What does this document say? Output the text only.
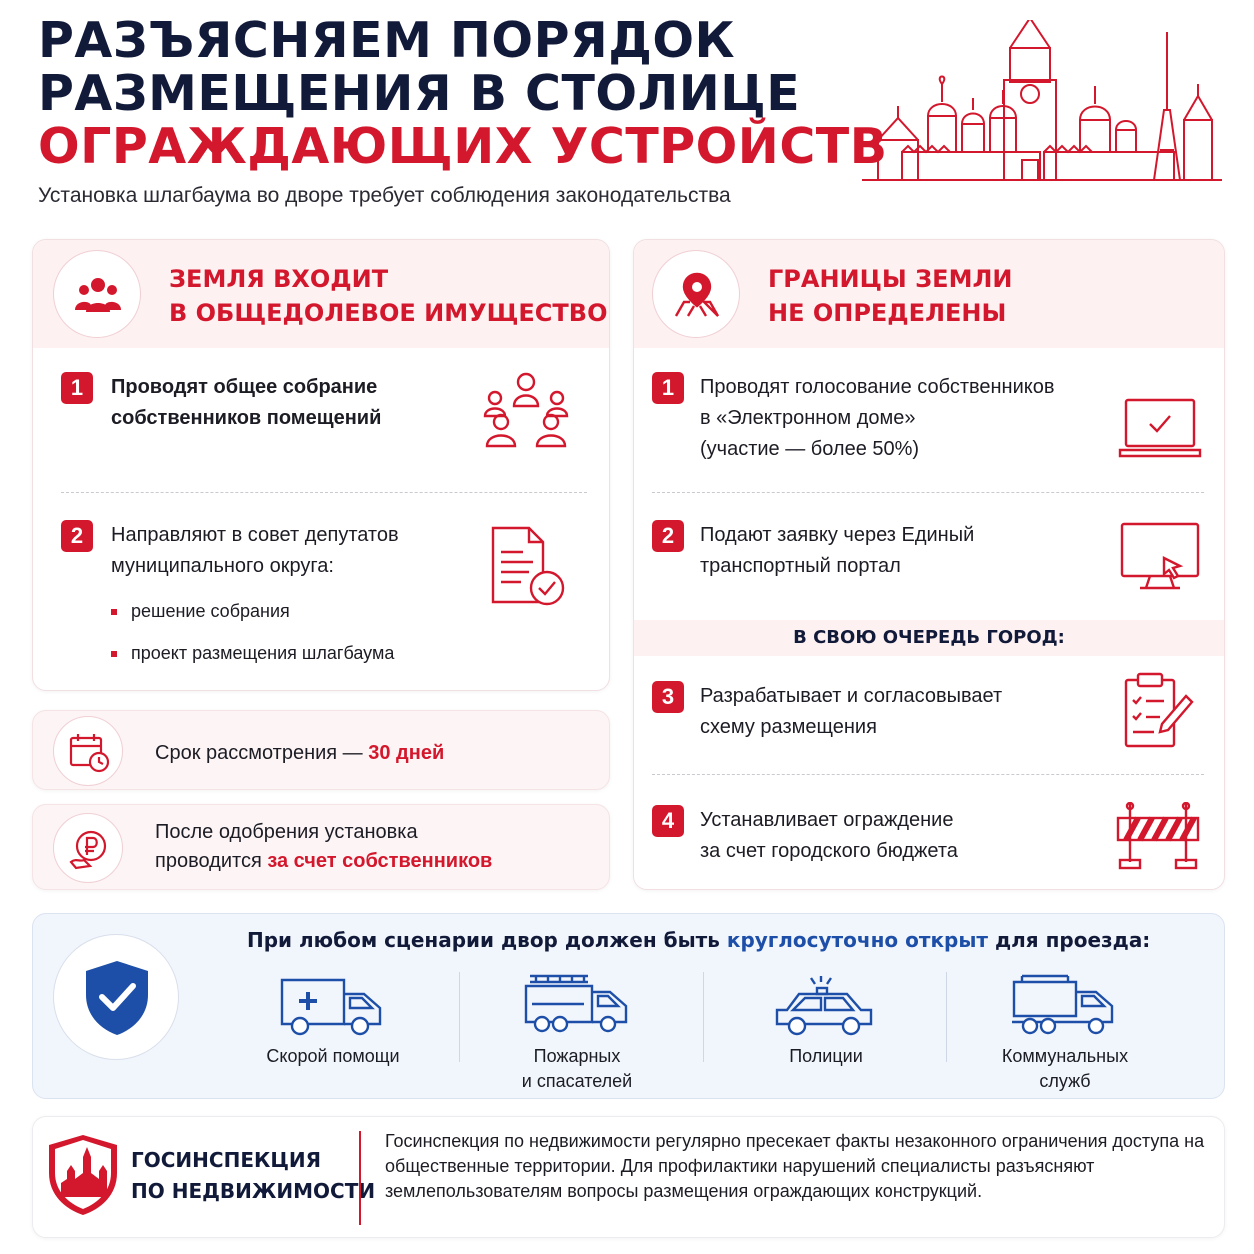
РАЗЪЯСНЯЕМ ПОРЯДОК
РАЗМЕЩЕНИЯ В СТОЛИЦЕ
ОГРАЖДАЮЩИХ УСТРОЙСТВ
Установка шлагбаума во дворе требует соблюдения законодательства
ЗЕМЛЯ ВХОДИТ
В ОБЩЕДОЛЕВОЕ ИМУЩЕСТВО
1	Проводят общее собрание
собственников помещений
2	Направляют в совет депутатов
муниципального округа:
решение собрания
проект размещения шлагбаума
Срок рассмотрения — 30 дней
После одобрения установка
проводится за счет собственников
ГРАНИЦЫ ЗЕМЛИ
НЕ ОПРЕДЕЛЕНЫ
1	Проводят голосование собственников
в «Электронном доме»
(участие — более 50%)
2	Подают заявку через Единый
транспортный портал
В СВОЮ ОЧЕРЕДЬ ГОРОД:
3	Разрабатывает и согласовывает
схему размещения
4	Устанавливает ограждение
за счет городского бюджета
При любом сценарии двор должен быть круглосуточно открыт для проезда:
Скорой помощи	Пожарных
и спасателей
Полиции	Коммунальных
служб
ГОСИНСПЕКЦИЯ
ПО НЕДВИЖИМОСТИ
Госинспекция по недвижимости регулярно пресекает факты незаконного ограничения доступа на общественные территории. Для профилактики нарушений специалисты разъясняют землепользователям вопросы размещения ограждающих конструкций.
